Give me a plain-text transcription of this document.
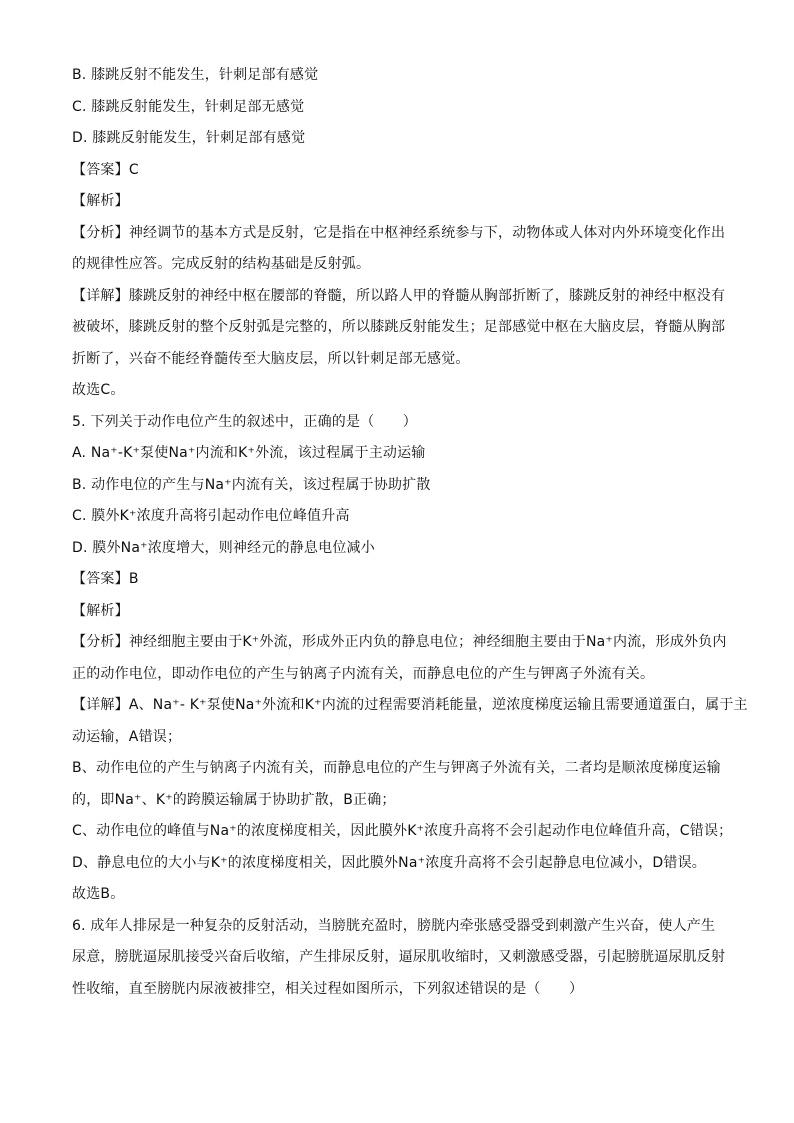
B. 膝跳反射不能发生，针刺足部有感觉
C. 膝跳反射能发生，针刺足部无感觉
D. 膝跳反射能发生，针刺足部有感觉
【答案】C
【解析】
【分析】神经调节的基本方式是反射，它是指在中枢神经系统参与下，动物体或人体对内外环境变化作出
的规律性应答。完成反射的结构基础是反射弧。
【详解】膝跳反射的神经中枢在腰部的脊髓，所以路人甲的脊髓从胸部折断了，膝跳反射的神经中枢没有
被破坏，膝跳反射的整个反射弧是完整的，所以膝跳反射能发生；足部感觉中枢在大脑皮层，脊髓从胸部
折断了，兴奋不能经脊髓传至大脑皮层，所以针刺足部无感觉。
故选C。
5. 下列关于动作电位产生的叙述中，正确的是（　　）
A. Na⁺-K⁺泵使Na⁺内流和K⁺外流，该过程属于主动运输
B. 动作电位的产生与Na⁺内流有关，该过程属于协助扩散
C. 膜外K⁺浓度升高将引起动作电位峰值升高
D. 膜外Na⁺浓度增大，则神经元的静息电位减小
【答案】B
【解析】
【分析】神经细胞主要由于K⁺外流，形成外正内负的静息电位；神经细胞主要由于Na⁺内流，形成外负内
正的动作电位，即动作电位的产生与钠离子内流有关，而静息电位的产生与钾离子外流有关。
【详解】A、Na⁺- K⁺泵使Na⁺外流和K⁺内流的过程需要消耗能量，逆浓度梯度运输且需要通道蛋白，属于主
动运输，A错误；
B、动作电位的产生与钠离子内流有关，而静息电位的产生与钾离子外流有关，二者均是顺浓度梯度运输
的，即Na⁺、K⁺的跨膜运输属于协助扩散，B正确；
C、动作电位的峰值与Na⁺的浓度梯度相关，因此膜外K⁺浓度升高将不会引起动作电位峰值升高，C错误；
D、静息电位的大小与K⁺的浓度梯度相关，因此膜外Na⁺浓度升高将不会引起静息电位减小，D错误。
故选B。
6. 成年人排尿是一种复杂的反射活动，当膀胱充盈时，膀胱内牵张感受器受到刺激产生兴奋，使人产生
尿意，膀胱逼尿肌接受兴奋后收缩，产生排尿反射，逼尿肌收缩时，又刺激感受器，引起膀胱逼尿肌反射
性收缩，直至膀胱内尿液被排空，相关过程如图所示，下列叙述错误的是（　　）
